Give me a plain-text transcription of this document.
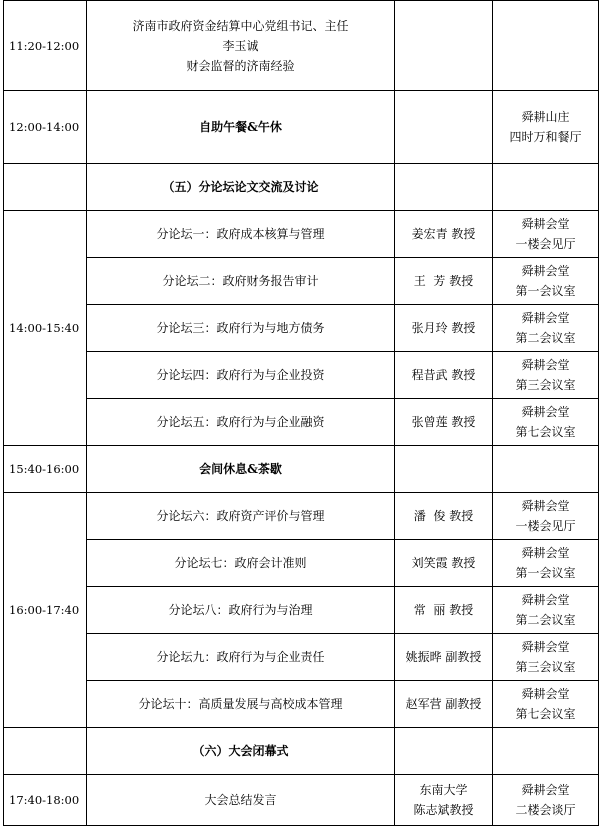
11:20-12:00	济南市政府资金结算中心党组书记、主任
李玉诚
财会监督的济南经验		

12:00-14:00	自助午餐&午休		舜耕山庄
四时万和餐厅

	（五）分论坛论文交流及讨论		
14:00-15:40	分论坛一：政府成本核算与管理	姜宏青 教授	舜耕会堂
一楼会见厅

	分论坛二：政府财务报告审计	王  芳 教授	舜耕会堂
第一会议室

	分论坛三：政府行为与地方债务	张月玲 教授	舜耕会堂
第二会议室

	分论坛四：政府行为与企业投资	程昔武 教授	舜耕会堂
第三会议室

	分论坛五：政府行为与企业融资	张曾莲 教授	舜耕会堂
第七会议室

15:40-16:00	会间休息&茶歇		
16:00-17:40	分论坛六：政府资产评价与管理	潘  俊 教授	舜耕会堂
一楼会见厅

	分论坛七：政府会计准则	刘笑霞 教授	舜耕会堂
第一会议室

	分论坛八：政府行为与治理	常  丽 教授	舜耕会堂
第二会议室

	分论坛九：政府行为与企业责任	姚振晔 副教授	舜耕会堂
第三会议室

	分论坛十：高质量发展与高校成本管理	赵军营 副教授	舜耕会堂
第七会议室

	（六）大会闭幕式		
17:40-18:00	大会总结发言	东南大学
陈志斌教授	舜耕会堂
二楼会谈厅
